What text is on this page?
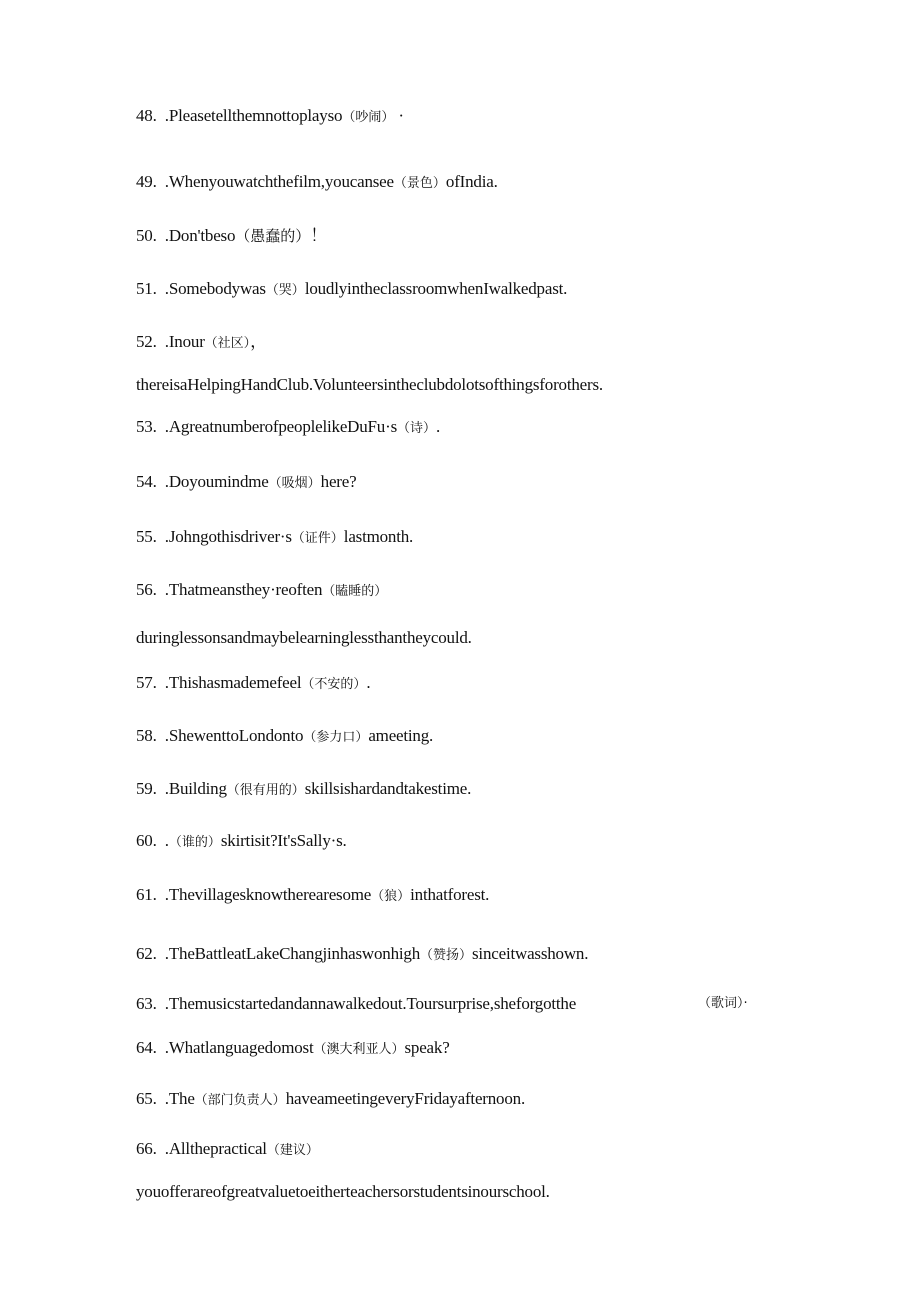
48. .Pleasetellthemnottoplayso（吵闹） ·
49. .Whenyouwatchthefilm,youcansee（景色）ofIndia.
50. .Don'tbeso（愚蠢的）！
51. .Somebodywas（哭）loudlyintheclassroomwhenIwalkedpast.
52. .Inour（社区），
thereisaHelpingHandClub.Volunteersintheclubdolotsofthingsforothers.
53. .AgreatnumberofpeoplelikeDuFu·s（诗）.
54. .Doyoumindme（吸烟）here?
55. .Johngothisdriver·s（证件）lastmonth.
56. .Thatmeansthey·reoften（瞌睡的）
duringlessonsandmaybelearninglessthantheycould.
57. .Thishasmademefeel（不安的）.
58. .ShewenttoLondonto（参力口）ameeting.
59. .Building（很有用的）skillsishardandtakestime.
60. .（谁的）skirtisit?It'sSally·s.
61. .Thevillagesknowtherearesome（狼）inthatforest.
62. .TheBattleatLakeChangjinhaswonhigh（赞扬）sinceitwasshown.
63. .Themusicstartedandannawalkedout.Toursurprise,sheforgotthe	（歌词）·
64. .Whatlanguagedomost（澳大利亚人）speak?
65. .The（部门负责人）haveameetingeveryFridayafternoon.
66. .Allthepractical（建议）
youofferareofgreatvaluetoeitherteachersorstudentsinourschool.
